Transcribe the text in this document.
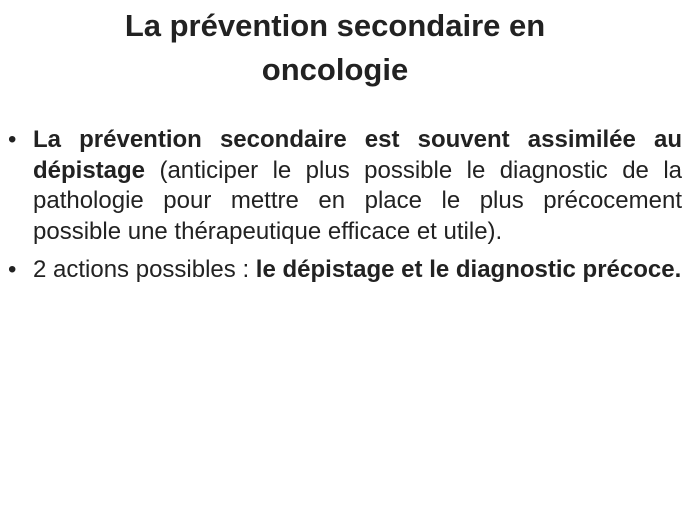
La prévention secondaire en
oncologie
• La prévention secondaire est souvent assimilée au dépistage (anticiper le plus possible le diagnostic de la pathologie pour mettre en place le plus précocement possible une thérapeutique efficace et utile).
• 2 actions possibles : le dépistage et le diagnostic précoce.
